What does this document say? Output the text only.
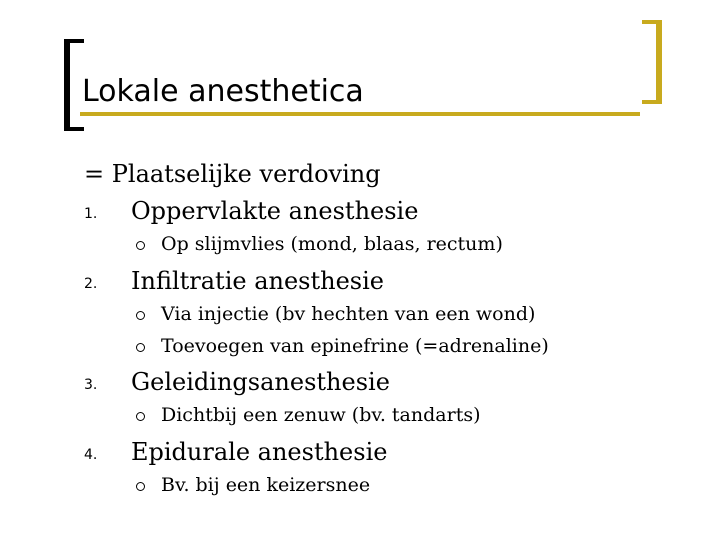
Lokale anesthetica
= Plaatselijke verdoving
1. Oppervlakte anesthesie
Op slijmvlies (mond, blaas, rectum)
2. Infiltratie anesthesie
Via injectie (bv hechten van een wond)
Toevoegen van epinefrine (=adrenaline)
3. Geleidingsanesthesie
Dichtbij een zenuw (bv. tandarts)
4. Epidurale anesthesie
Bv. bij een keizersnee
